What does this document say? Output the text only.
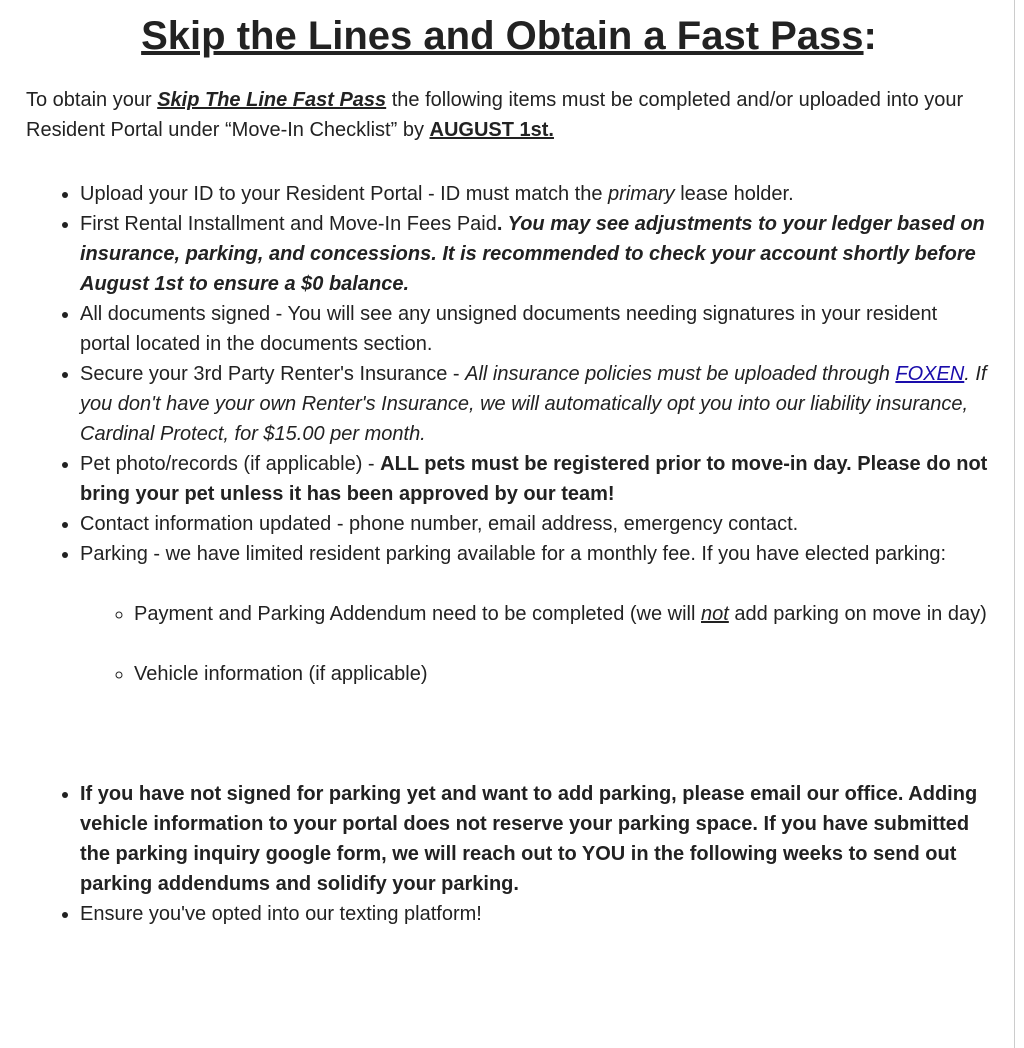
Skip the Lines and Obtain a Fast Pass:

To obtain your Skip The Line Fast Pass the following items must be completed and/or uploaded into your Resident Portal under “Move-In Checklist” by AUGUST 1st.

• Upload your ID to your Resident Portal - ID must match the primary lease holder.
• First Rental Installment and Move-In Fees Paid. You may see adjustments to your ledger based on insurance, parking, and concessions. It is recommended to check your account shortly before August 1st to ensure a $0 balance.
• All documents signed - You will see any unsigned documents needing signatures in your resident portal located in the documents section.
• Secure your 3rd Party Renter's Insurance - All insurance policies must be uploaded through FOXEN. If you don't have your own Renter's Insurance, we will automatically opt you into our liability insurance, Cardinal Protect, for $15.00 per month.
• Pet photo/records (if applicable) - ALL pets must be registered prior to move-in day. Please do not bring your pet unless it has been approved by our team!
• Contact information updated - phone number, email address, emergency contact.
• Parking - we have limited resident parking available for a monthly fee. If you have elected parking:
◦ Payment and Parking Addendum need to be completed (we will not add parking on move in day)
◦ Vehicle information (if applicable)
• If you have not signed for parking yet and want to add parking, please email our office. Adding vehicle information to your portal does not reserve your parking space. If you have submitted the parking inquiry google form, we will reach out to YOU in the following weeks to send out parking addendums and solidify your parking.
• Ensure you've opted into our texting platform!
